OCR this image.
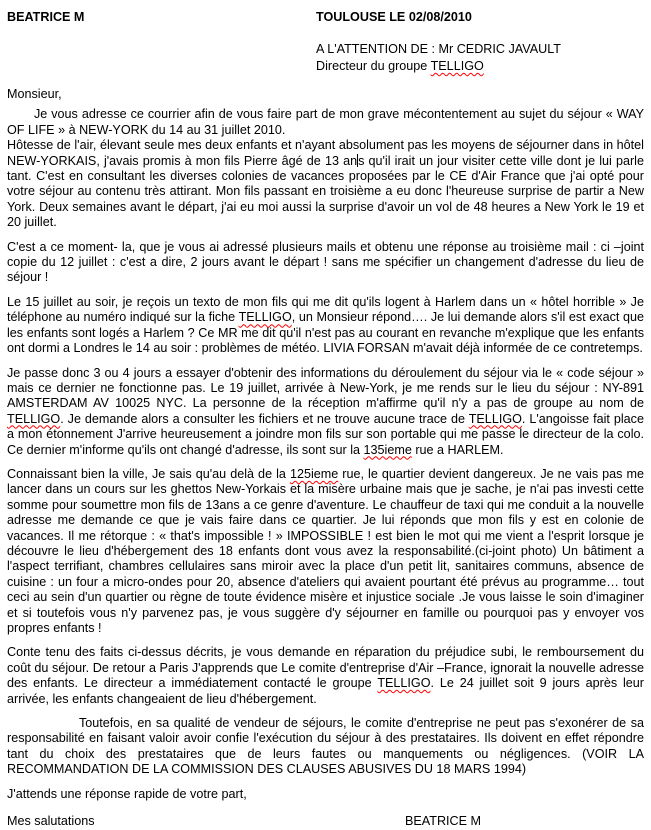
BEATRICE M	TOULOUSE LE 02/08/2010
A L'ATTENTION DE : Mr CEDRIC JAVAULT
Directeur du groupe TELLIGO
Monsieur,

Je vous adresse ce courrier afin de vous faire part de mon grave mécontentement au sujet du séjour « WAY OF LIFE » à NEW-YORK du 14 au 31 juillet 2010.
Hôtesse de l'air, élevant seule mes deux enfants et n'ayant absolument pas les moyens de séjourner dans in hôtel NEW-YORKAIS, j'avais promis à mon fils Pierre âgé de 13 ans qu'il irait un jour visiter cette ville dont je lui parle tant. C'est en consultant les diverses colonies de vacances proposées par le CE d'Air France que j'ai opté pour votre séjour au contenu très attirant. Mon fils passant en troisième a eu donc l'heureuse surprise de partir a New York. Deux semaines avant le départ, j'ai eu moi aussi la surprise d'avoir un vol de 48 heures a New York le 19 et 20 juillet.

C'est a ce moment- la, que je vous ai adressé plusieurs mails et obtenu une réponse au troisième mail : ci –joint copie du 12 juillet : c'est a dire, 2 jours avant le départ ! sans me spécifier un changement d'adresse du lieu de séjour !

Le 15 juillet au soir, je reçois un texto de mon fils qui me dit qu'ils logent à Harlem dans un « hôtel horrible » Je téléphone au numéro indiqué sur la fiche TELLIGO, un Monsieur répond…. Je lui demande alors s'il est exact que les enfants sont logés a Harlem ? Ce MR me dit qu'il n'est pas au courant en revanche m'explique que les enfants ont dormi a Londres le 14 au soir : problèmes de météo. LIVIA FORSAN m'avait déjà informée de ce contretemps.

Je passe donc 3 ou 4 jours a essayer d'obtenir des informations du déroulement du séjour via le « code séjour » mais ce dernier ne fonctionne pas. Le 19 juillet, arrivée à New-York, je me rends sur le lieu du séjour : NY-891 AMSTERDAM AV 10025 NYC. La personne de la réception m'affirme qu'il n'y a pas de groupe au nom de TELLIGO. Je demande alors a consulter les fichiers et ne trouve aucune trace de TELLIGO. L'angoisse fait place a mon étonnement J'arrive heureusement a joindre mon fils sur son portable qui me passe le directeur de la colo. Ce dernier m'informe qu'ils ont changé d'adresse, ils sont sur la 135ieme rue a HARLEM.

Connaissant bien la ville, Je sais qu'au delà de la 125ieme rue, le quartier devient dangereux. Je ne vais pas me lancer dans un cours sur les ghettos New-Yorkais et la misère urbaine mais que je sache, je n'ai pas investi cette somme pour soumettre mon fils de 13ans a ce genre d'aventure. Le chauffeur de taxi qui me conduit a la nouvelle adresse me demande ce que je vais faire dans ce quartier. Je lui réponds que mon fils y est en colonie de vacances. Il me rétorque : « that's impossible ! » IMPOSSIBLE ! est bien le mot qui me vient a l'esprit lorsque je découvre le lieu d'hébergement des 18 enfants dont vous avez la responsabilité.(ci-joint photo) Un bâtiment a l'aspect terrifiant, chambres cellulaires sans miroir avec la place d'un petit lit, sanitaires communs, absence de cuisine : un four a micro-ondes pour 20, absence d'ateliers qui avaient pourtant été prévus au programme… tout ceci au sein d'un quartier ou règne de toute évidence misère et injustice sociale .Je vous laisse le soin d'imaginer et si toutefois vous n'y parvenez pas, je vous suggère d'y séjourner en famille ou pourquoi pas y envoyer vos propres enfants !

Conte tenu des faits ci-dessus décrits, je vous demande en réparation du préjudice subi, le remboursement du coût du séjour. De retour a Paris J'apprends que Le comite d'entreprise d'Air –France, ignorait la nouvelle adresse des enfants. Le directeur a immédiatement contacté le groupe TELLIGO. Le 24 juillet soit 9 jours après leur arrivée, les enfants changeaient de lieu d'hébergement.

Toutefois, en sa qualité de vendeur de séjours, le comite d'entreprise ne peut pas s'exonérer de sa responsabilité en faisant valoir avoir confie l'exécution du séjour à des prestataires. Ils doivent en effet répondre tant du choix des prestataires que de leurs fautes ou manquements ou négligences. (VOIR LA RECOMMANDATION DE LA COMMISSION DES CLAUSES ABUSIVES DU 18 MARS 1994)

J'attends une réponse rapide de votre part,
Mes salutations	BEATRICE M
